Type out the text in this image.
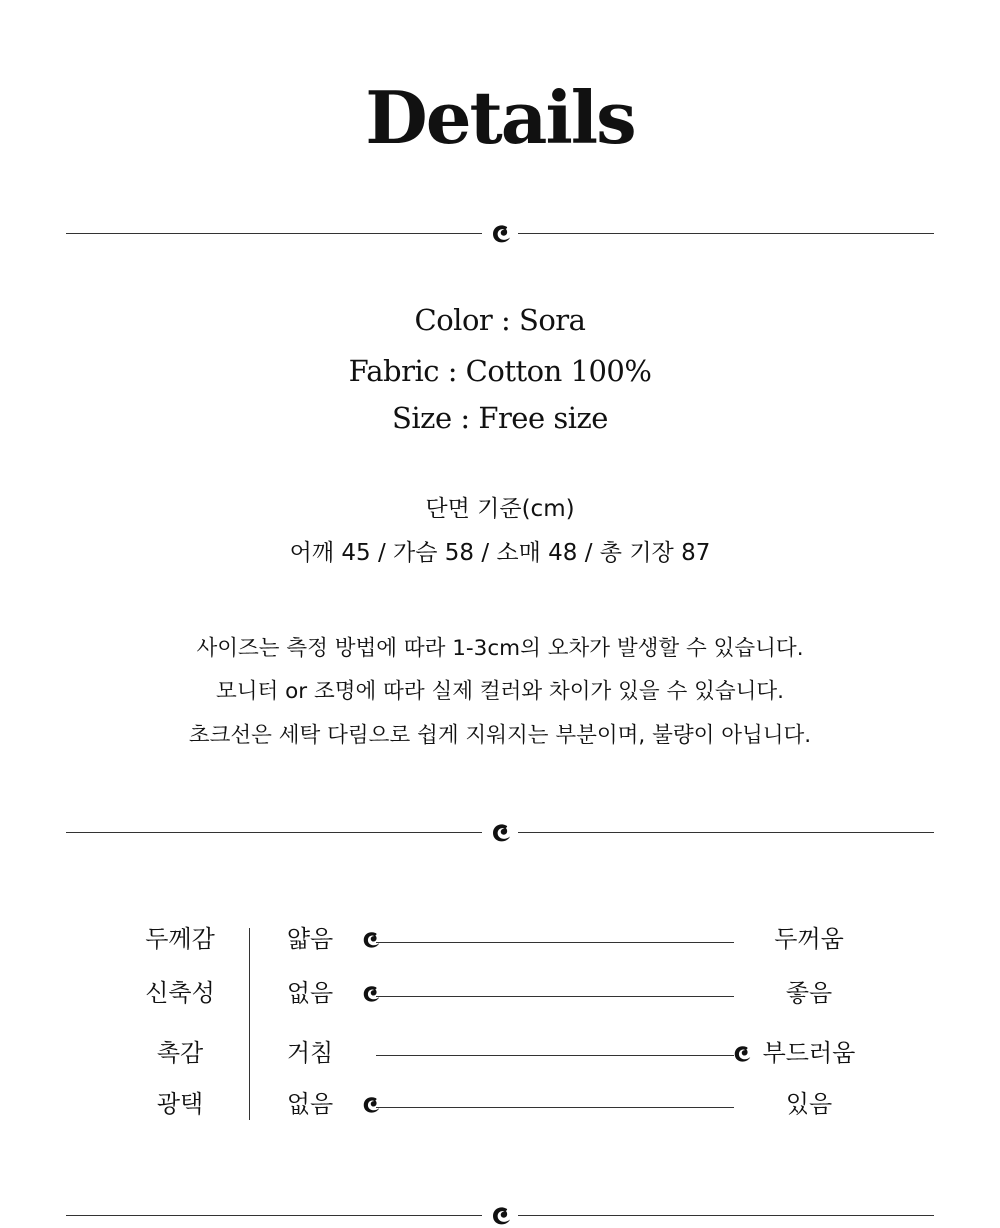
Details
Color : Sora
Fabric : Cotton 100%
Size : Free size
단면 기준(cm)
어깨 45 / 가슴 58 / 소매 48 / 총 기장 87
사이즈는 측정 방법에 따라 1-3cm의 오차가 발생할 수 있습니다.
모니터 or 조명에 따라 실제 컬러와 차이가 있을 수 있습니다.
초크선은 세탁 다림으로 쉽게 지워지는 부분이며, 불량이 아닙니다.
두께감	얇음	두꺼움
신축성	없음	좋음
촉감	거침	부드러움
광택	없음	있음
